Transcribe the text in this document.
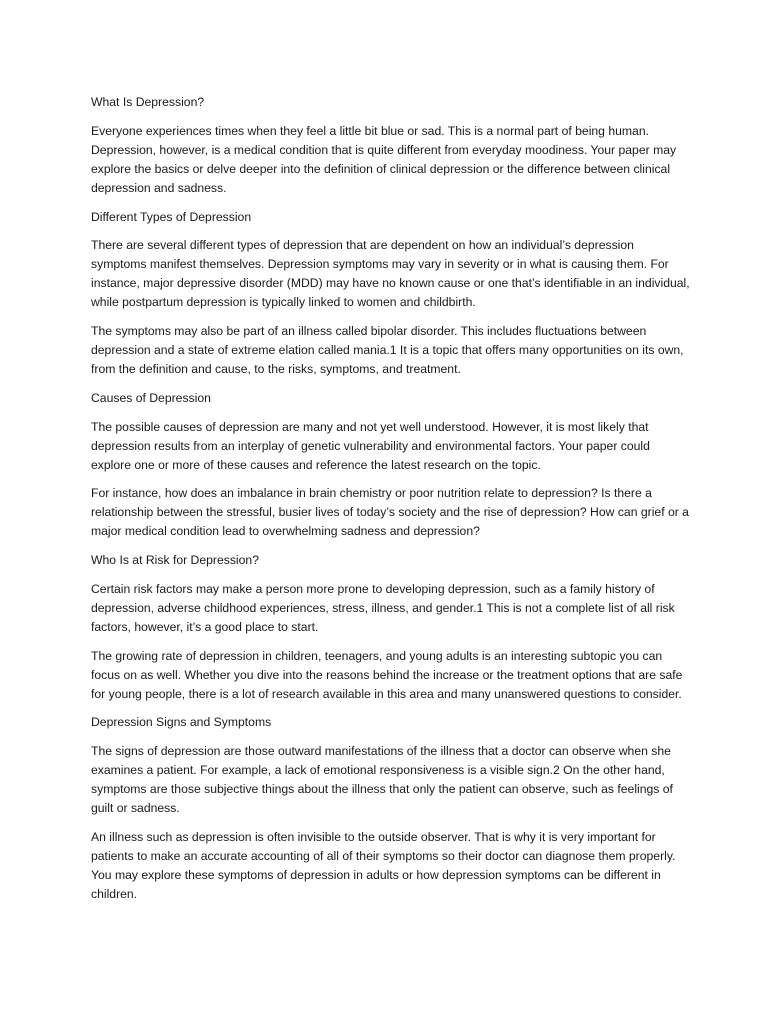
What Is Depression?

Everyone experiences times when they feel a little bit blue or sad. This is a normal part of being human. Depression, however, is a medical condition that is quite different from everyday moodiness. Your paper may explore the basics or delve deeper into the definition of clinical depression or the difference between clinical depression and sadness.

Different Types of Depression

There are several different types of depression that are dependent on how an individual’s depression symptoms manifest themselves. Depression symptoms may vary in severity or in what is causing them. For instance, major depressive disorder (MDD) may have no known cause or one that’s identifiable in an individual, while postpartum depression is typically linked to women and childbirth.

The symptoms may also be part of an illness called bipolar disorder. This includes fluctuations between depression and a state of extreme elation called mania.1 It is a topic that offers many opportunities on its own, from the definition and cause, to the risks, symptoms, and treatment.

Causes of Depression

The possible causes of depression are many and not yet well understood. However, it is most likely that depression results from an interplay of genetic vulnerability and environmental factors. Your paper could explore one or more of these causes and reference the latest research on the topic.

For instance, how does an imbalance in brain chemistry or poor nutrition relate to depression? Is there a relationship between the stressful, busier lives of today’s society and the rise of depression? How can grief or a major medical condition lead to overwhelming sadness and depression?

Who Is at Risk for Depression?

Certain risk factors may make a person more prone to developing depression, such as a family history of depression, adverse childhood experiences, stress, illness, and gender.1 This is not a complete list of all risk factors, however, it’s a good place to start.

The growing rate of depression in children, teenagers, and young adults is an interesting subtopic you can focus on as well. Whether you dive into the reasons behind the increase or the treatment options that are safe for young people, there is a lot of research available in this area and many unanswered questions to consider.

Depression Signs and Symptoms

The signs of depression are those outward manifestations of the illness that a doctor can observe when she examines a patient. For example, a lack of emotional responsiveness is a visible sign.2 On the other hand, symptoms are those subjective things about the illness that only the patient can observe, such as feelings of guilt or sadness.

An illness such as depression is often invisible to the outside observer. That is why it is very important for patients to make an accurate accounting of all of their symptoms so their doctor can diagnose them properly. You may explore these symptoms of depression in adults or how depression symptoms can be different in children.
